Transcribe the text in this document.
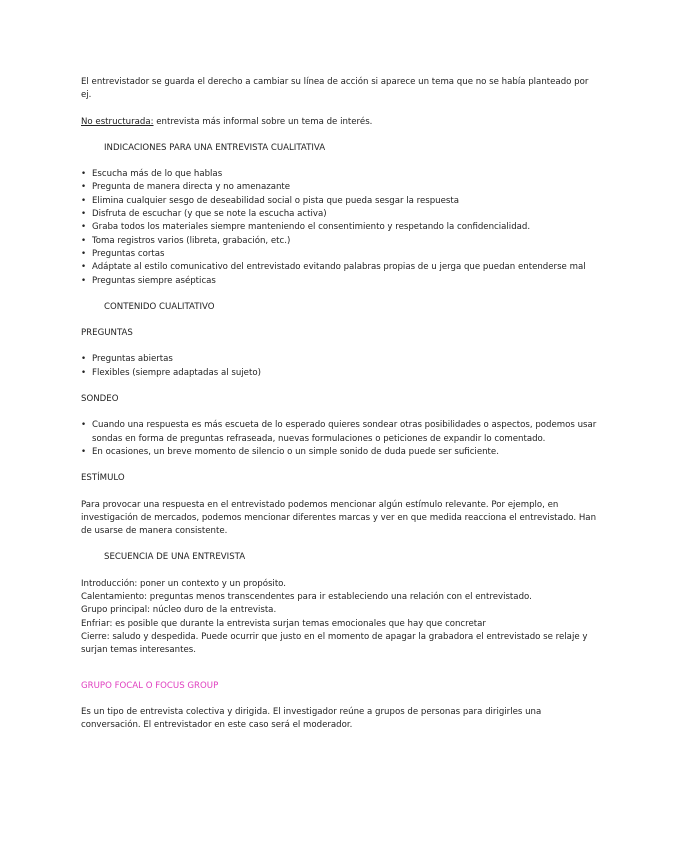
El entrevistador se guarda el derecho a cambiar su línea de acción si aparece un tema que no se había planteado por ej.

No estructurada: entrevista más informal sobre un tema de interés.

INDICACIONES PARA UNA ENTREVISTA CUALITATIVA

• Escucha más de lo que hablas
• Pregunta de manera directa y no amenazante
• Elimina cualquier sesgo de deseabilidad social o pista que pueda sesgar la respuesta
• Disfruta de escuchar (y que se note la escucha activa)
• Graba todos los materiales siempre manteniendo el consentimiento y respetando la confidencialidad.
• Toma registros varios (libreta, grabación, etc.)
• Preguntas cortas
• Adáptate al estilo comunicativo del entrevistado evitando palabras propias de u jerga que puedan entenderse mal
• Preguntas siempre asépticas

CONTENIDO CUALITATIVO

PREGUNTAS

• Preguntas abiertas
• Flexibles (siempre adaptadas al sujeto)

SONDEO

• Cuando una respuesta es más escueta de lo esperado quieres sondear otras posibilidades o aspectos, podemos usar sondas en forma de preguntas refraseada, nuevas formulaciones o peticiones de expandir lo comentado.
• En ocasiones, un breve momento de silencio o un simple sonido de duda puede ser suficiente.

ESTÍMULO

Para provocar una respuesta en el entrevistado podemos mencionar algún estímulo relevante. Por ejemplo, en investigación de mercados, podemos mencionar diferentes marcas y ver en que medida reacciona el entrevistado. Han de usarse de manera consistente.

SECUENCIA DE UNA ENTREVISTA

Introducción: poner un contexto y un propósito.

Calentamiento: preguntas menos transcendentes para ir estableciendo una relación con el entrevistado.

Grupo principal: núcleo duro de la entrevista.

Enfriar: es posible que durante la entrevista surjan temas emocionales que hay que concretar

Cierre: saludo y despedida. Puede ocurrir que justo en el momento de apagar la grabadora el entrevistado se relaje y surjan temas interesantes.

GRUPO FOCAL O FOCUS GROUP

Es un tipo de entrevista colectiva y dirigida. El investigador reúne a grupos de personas para dirigirles una conversación. El entrevistador en este caso será el moderador.
